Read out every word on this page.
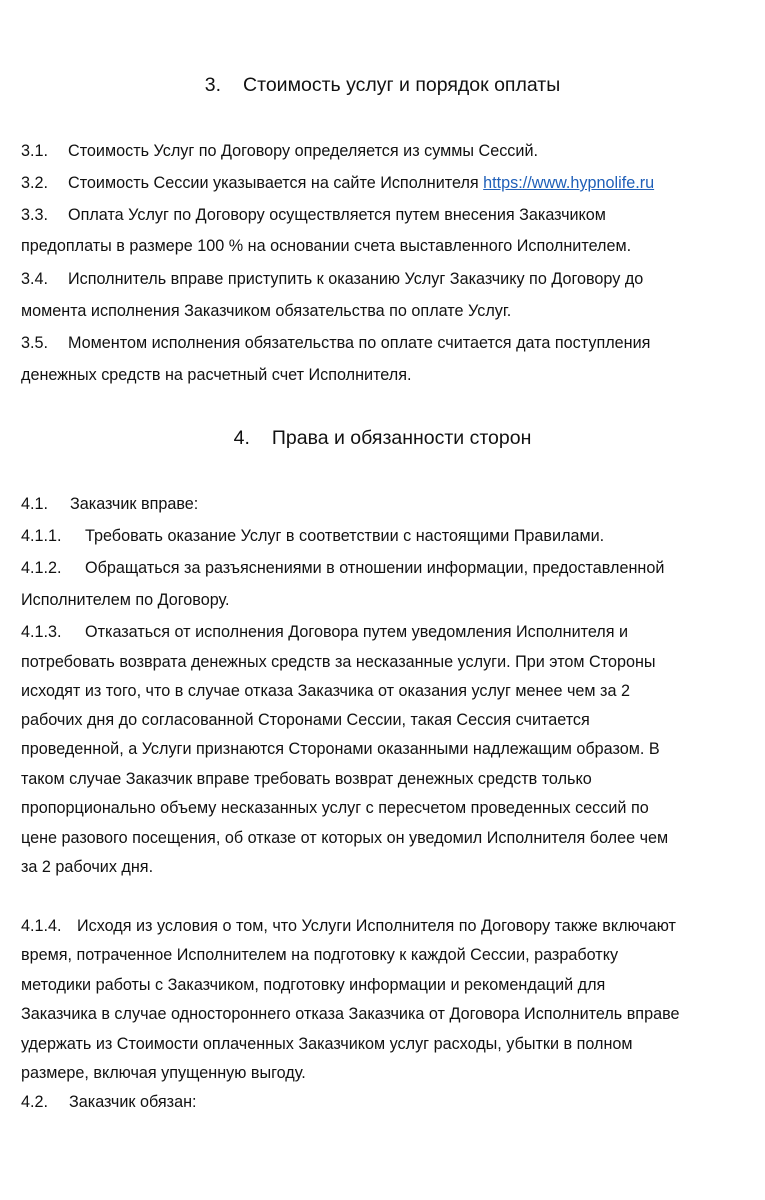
3. Стоимость услуг и порядок оплаты
3.1. Стоимость Услуг по Договору определяется из суммы Сессий.
3.2. Стоимость Сессии указывается на сайте Исполнителя https://www.hypnolife.ru
3.3. Оплата Услуг по Договору осуществляется путем внесения Заказчиком
предоплаты в размере 100 % на основании счета выставленного Исполнителем.
3.4. Исполнитель вправе приступить к оказанию Услуг Заказчику по Договору до
момента исполнения Заказчиком обязательства по оплате Услуг.
3.5. Моментом исполнения обязательства по оплате считается дата поступления
денежных средств на расчетный счет Исполнителя.
4. Права и обязанности сторон
4.1. Заказчик вправе:
4.1.1. Требовать оказание Услуг в соответствии с настоящими Правилами.
4.1.2. Обращаться за разъяснениями в отношении информации, предоставленной
Исполнителем по Договору.
4.1.3. Отказаться от исполнения Договора путем уведомления Исполнителя и
потребовать возврата денежных средств за несказанные услуги. При этом Стороны
исходят из того, что в случае отказа Заказчика от оказания услуг менее чем за 2
рабочих дня до согласованной Сторонами Сессии, такая Сессия считается
проведенной, а Услуги признаются Сторонами оказанными надлежащим образом. В
таком случае Заказчик вправе требовать возврат денежных средств только
пропорционально объему несказанных услуг с пересчетом проведенных сессий по
цене разового посещения, об отказе от которых он уведомил Исполнителя более чем
за 2 рабочих дня.
4.1.4. Исходя из условия о том, что Услуги Исполнителя по Договору также включают
время, потраченное Исполнителем на подготовку к каждой Сессии, разработку
методики работы с Заказчиком, подготовку информации и рекомендаций для
Заказчика в случае одностороннего отказа Заказчика от Договора Исполнитель вправе
удержать из Стоимости оплаченных Заказчиком услуг расходы, убытки в полном
размере, включая упущенную выгоду.
4.2. Заказчик обязан:
